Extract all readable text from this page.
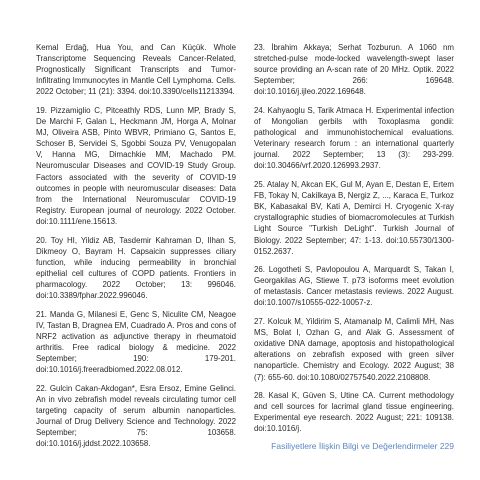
Kemal Erdağ, Hua You, and Can Küçük. Whole Transcriptome Sequencing Reveals Cancer-Related, Prognostically Significant Transcripts and Tumor-Infiltrating Immunocytes in Mantle Cell Lymphoma. Cells. 2022 October; 11 (21): 3394. doi:10.3390/cells11213394.

19. Pizzamiglio C, Pitceathly RDS, Lunn MP, Brady S, De Marchi F, Galan L, Heckmann JM, Horga A, Molnar MJ, Oliveira ASB, Pinto WBVR, Primiano G, Santos E, Schoser B, Servidei S, Sgobbi Souza PV, Venugopalan V, Hanna MG, Dimachkie MM, Machado PM. Neuromuscular Diseases and COVID-19 Study Group. Factors associated with the severity of COVID-19 outcomes in people with neuromuscular diseases: Data from the International Neuromuscular COVID-19 Registry. European journal of neurology. 2022 October. doi:10.1111/ene.15613.

20. Toy HI, Yildiz AB, Tasdemir Kahraman D, Ilhan S, Dikmeoy O, Bayram H. Capsaicin suppresses ciliary function, while inducing permeability in bronchial epithelial cell cultures of COPD patients. Frontiers in pharmacology. 2022 October; 13: 996046. doi:10.3389/fphar.2022.996046.

21. Manda G, Milanesi E, Genc S, Niculite CM, Neagoe IV, Tastan B, Dragnea EM, Cuadrado A. Pros and cons of NRF2 activation as adjunctive therapy in rheumatoid arthritis. Free radical biology & medicine. 2022 September; 190: 179-201. doi:10.1016/j.freeradbiomed.2022.08.012.

22. Gulcin Cakan-Akdogan*, Esra Ersoz, Emine Gelinci. An in vivo zebrafish model reveals circulating tumor cell targeting capacity of serum albumin nanoparticles. Journal of Drug Delivery Science and Technology. 2022 September; 75: 103658. doi:10.1016/j.jddst.2022.103658.

23. İbrahim Akkaya; Serhat Tozburun. A 1060 nm stretched-pulse mode-locked wavelength-swept laser source providing an A-scan rate of 20 MHz. Optik. 2022 September; 266: 169648. doi:10.1016/j.ijleo.2022.169648.

24. Kahyaoglu S, Tarik Atmaca H. Experimental infection of Mongolian gerbils with Toxoplasma gondii: pathological and immunohistochemical evaluations. Veterinary research forum : an international quarterly journal. 2022 September; 13 (3): 293-299. doi:10.30466/vrf.2020.126993.2937.

25. Atalay N, Akcan EK, Gul M, Ayan E, Destan E, Ertem FB, Tokay N, Cakilkaya B, Nergiz Z, ..., Karaca E, Turkoz BK, Kabasakal BV, Kati A, Demirci H. Cryogenic X-ray crystallographic studies of biomacromolecules at Turkish Light Source "Turkish DeLight". Turkish Journal of Biology. 2022 September; 47: 1-13. doi:10.55730/1300-0152.2637.

26. Logotheti S, Pavlopoulou A, Marquardt S, Takan I, Georgakilas AG, Stiewe T. p73 isoforms meet evolution of metastasis. Cancer metastasis reviews. 2022 August. doi:10.1007/s10555-022-10057-z.

27. Kolcuk M, Yildirim S, Atamanalp M, Calimli MH, Nas MS, Bolat I, Ozhan G, and Alak G. Assessment of oxidative DNA damage, apoptosis and histopathological alterations on zebrafish exposed with green silver nanoparticle. Chemistry and Ecology. 2022 August; 38 (7): 655-60. doi:10.1080/02757540.2022.2108808.

28. Kasal K, Güven S, Utine CA. Current methodology and cell sources for lacrimal gland tissue engineering. Experimental eye research. 2022 August; 221: 109138. doi:10.1016/j.

Fasiliyetlere İlişkin Bilgi ve Değerlendirmeler 229
